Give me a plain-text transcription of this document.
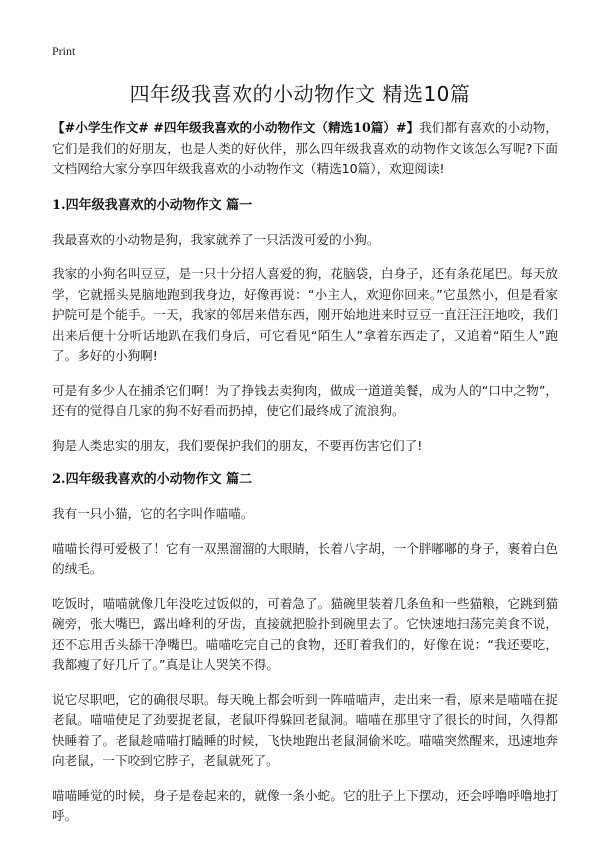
Print
四年级我喜欢的小动物作文 精选10篇

【#小学生作文# #四年级我喜欢的小动物作文（精选10篇）#】我们都有喜欢的小动物，它们是我们的好朋友，也是人类的好伙伴，那么四年级我喜欢的动物作文该怎么写呢?下面文档网给大家分享四年级我喜欢的小动物作文（精选10篇），欢迎阅读!

1.四年级我喜欢的小动物作文 篇一

我最喜欢的小动物是狗，我家就养了一只活泼可爱的小狗。

我家的小狗名叫豆豆，是一只十分招人喜爱的狗，花脑袋，白身子，还有条花尾巴。每天放学，它就摇头晃脑地跑到我身边，好像再说：“小主人，欢迎你回来。”它虽然小，但是看家护院可是个能手。一天，我家的邻居来借东西，刚开始地进来时豆豆一直汪汪汪地咬，我们出来后便十分听话地趴在我们身后，可它看见“陌生人”拿着东西走了，又追着“陌生人”跑了。多好的小狗啊!

可是有多少人在捕杀它们啊！为了挣钱去卖狗肉，做成一道道美餐，成为人的“口中之物”，还有的觉得自几家的狗不好看而扔掉，使它们最终成了流浪狗。

狗是人类忠实的朋友，我们要保护我们的朋友，不要再伤害它们了!

2.四年级我喜欢的小动物作文 篇二

我有一只小猫，它的名字叫作喵喵。

喵喵长得可爱极了！它有一双黑溜溜的大眼睛，长着八字胡，一个胖嘟嘟的身子，裹着白色的绒毛。

吃饭时，喵喵就像几年没吃过饭似的，可着急了。猫碗里装着几条鱼和一些猫粮，它跳到猫碗旁，张大嘴巴，露出峰利的牙齿，直接就把脸扑到碗里去了。它快速地扫荡完美食不说，还不忘用舌头舔干净嘴巴。喵喵吃完自己的食物，还盯着我们的，好像在说：“我还要吃，我都瘦了好几斤了。”真是让人哭笑不得。

说它尽职吧，它的确很尽职。每天晚上都会听到一阵喵喵声，走出来一看，原来是喵喵在捉老鼠。喵喵使足了劲要捉老鼠，老鼠吓得躲回老鼠洞。喵喵在那里守了很长的时间，久得都快睡着了。老鼠趁喵喵打瞌睡的时候，飞快地跑出老鼠洞偷米吃。喵喵突然醒来，迅速地奔向老鼠，一下咬到它脖子，老鼠就死了。

喵喵睡觉的时候，身子是卷起来的，就像一条小蛇。它的肚子上下摆动，还会呼噜呼噜地打呼。
